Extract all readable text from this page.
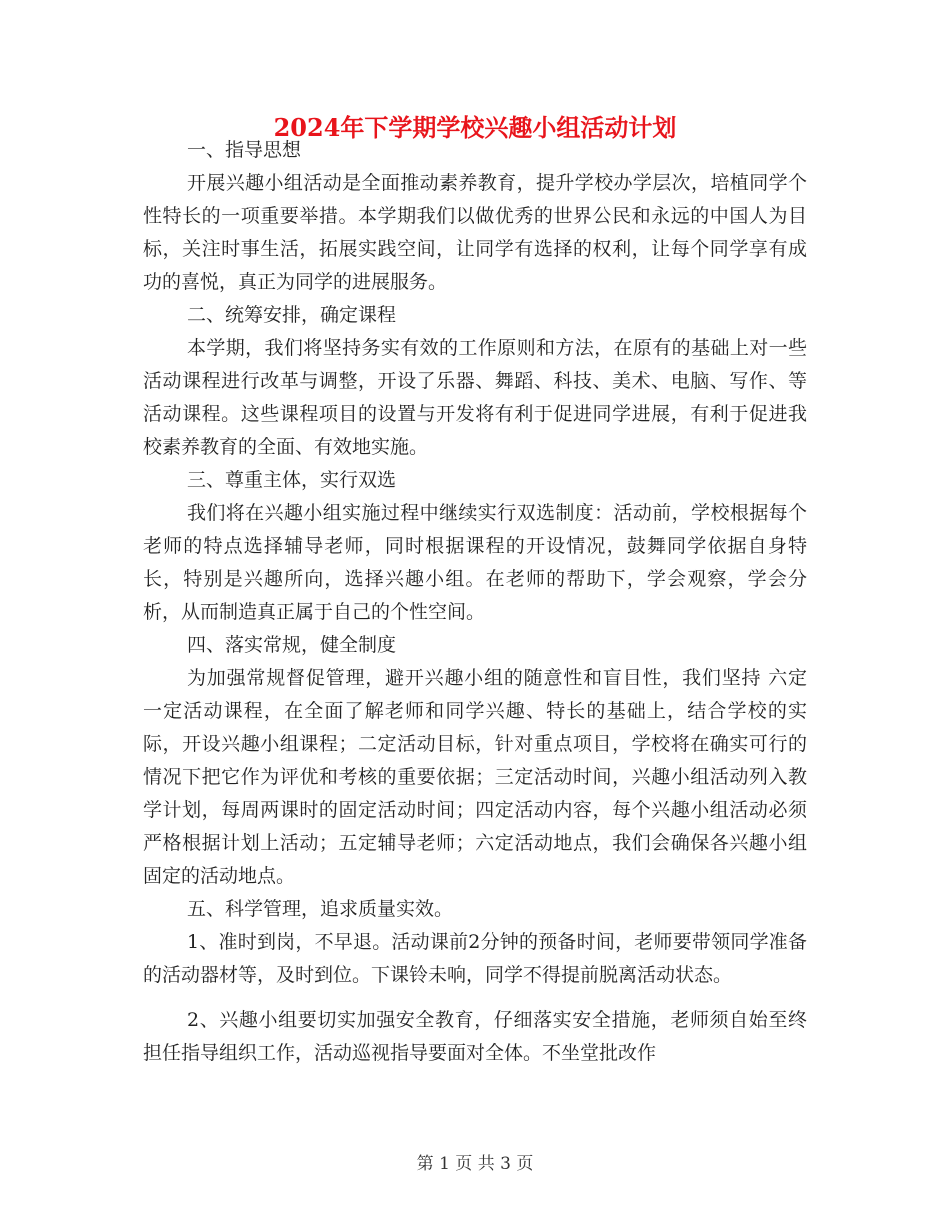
2024年下学期学校兴趣小组活动计划

一、指导思想

开展兴趣小组活动是全面推动素养教育，提升学校办学层次，培植同学个性特长的一项重要举措。本学期我们以做优秀的世界公民和永远的中国人为目标，关注时事生活，拓展实践空间，让同学有选择的权利，让每个同学享有成功的喜悦，真正为同学的进展服务。

二、统筹安排，确定课程

本学期，我们将坚持务实有效的工作原则和方法，在原有的基础上对一些活动课程进行改革与调整，开设了乐器、舞蹈、科技、美术、电脑、写作、等活动课程。这些课程项目的设置与开发将有利于促进同学进展，有利于促进我校素养教育的全面、有效地实施。

三、尊重主体，实行双选

我们将在兴趣小组实施过程中继续实行双选制度：活动前，学校根据每个老师的特点选择辅导老师，同时根据课程的开设情况，鼓舞同学依据自身特长，特别是兴趣所向，选择兴趣小组。在老师的帮助下，学会观察，学会分析，从而制造真正属于自己的个性空间。

四、落实常规，健全制度

为加强常规督促管理，避开兴趣小组的随意性和盲目性，我们坚持 六定 一定活动课程，在全面了解老师和同学兴趣、特长的基础上，结合学校的实际，开设兴趣小组课程；二定活动目标，针对重点项目，学校将在确实可行的情况下把它作为评优和考核的重要依据；三定活动时间，兴趣小组活动列入教学计划，每周两课时的固定活动时间；四定活动内容，每个兴趣小组活动必须严格根据计划上活动；五定辅导老师；六定活动地点，我们会确保各兴趣小组固定的活动地点。

五、科学管理，追求质量实效。

1、准时到岗，不早退。活动课前2分钟的预备时间，老师要带领同学准备的活动器材等，及时到位。下课铃未响，同学不得提前脱离活动状态。

2、兴趣小组要切实加强安全教育，仔细落实安全措施，老师须自始至终担任指导组织工作，活动巡视指导要面对全体。不坐堂批改作

第 1 页 共 3 页
